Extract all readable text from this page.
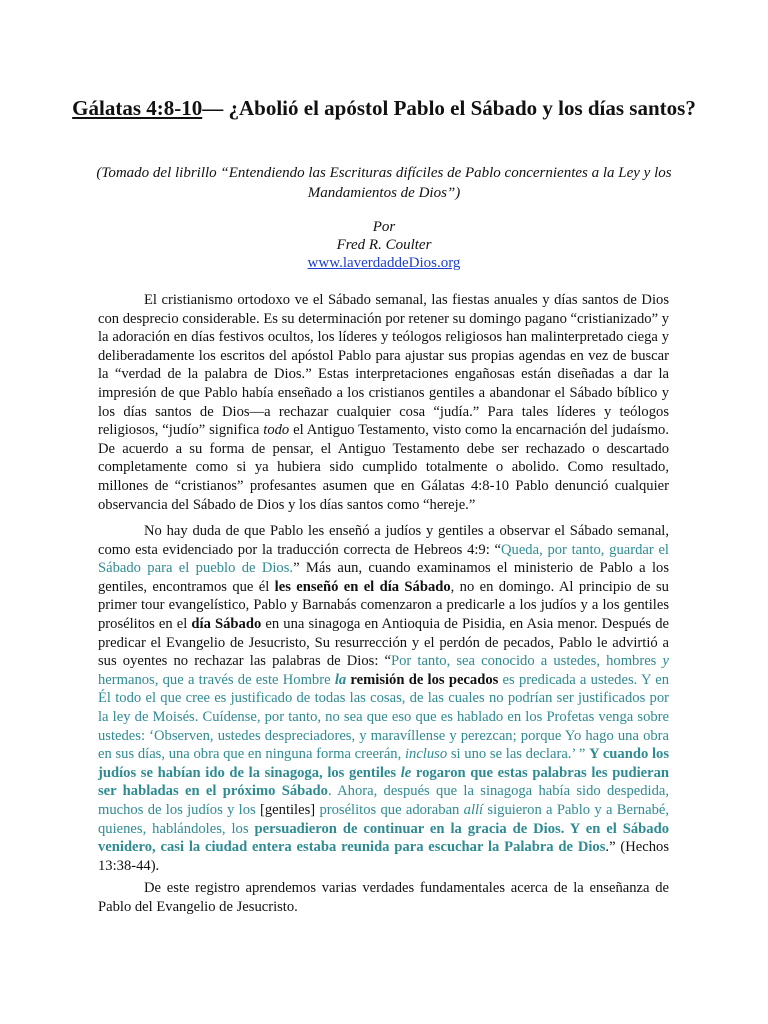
Gálatas 4:8-10— ¿Abolió el apóstol Pablo el Sábado y los días santos?

(Tomado del librillo “Entendiendo las Escrituras difíciles de Pablo concernientes a la Ley y los Mandamientos de Dios”)

Por
Fred R. Coulter
www.laverdaddeDios.org

El cristianismo ortodoxo ve el Sábado semanal, las fiestas anuales y días santos de Dios con desprecio considerable. Es su determinación por retener su domingo pagano “cristianizado” y la adoración en días festivos ocultos, los líderes y teólogos religiosos han malinterpretado ciega y deliberadamente los escritos del apóstol Pablo para ajustar sus propias agendas en vez de buscar la “verdad de la palabra de Dios.” Estas interpretaciones engañosas están diseñadas a dar la impresión de que Pablo había enseñado a los cristianos gentiles a abandonar el Sábado bíblico y los días santos de Dios—a rechazar cualquier cosa “judía.” Para tales líderes y teólogos religiosos, “judío” significa todo el Antiguo Testamento, visto como la encarnación del judaísmo. De acuerdo a su forma de pensar, el Antiguo Testamento debe ser rechazado o descartado completamente como si ya hubiera sido cumplido totalmente o abolido. Como resultado, millones de “cristianos” profesantes asumen que en Gálatas 4:8-10 Pablo denunció cualquier observancia del Sábado de Dios y los días santos como “hereje.”

No hay duda de que Pablo les enseñó a judíos y gentiles a observar el Sábado semanal, como esta evidenciado por la traducción correcta de Hebreos 4:9: “Queda, por tanto, guardar el Sábado para el pueblo de Dios.” Más aun, cuando examinamos el ministerio de Pablo a los gentiles, encontramos que él les enseñó en el día Sábado, no en domingo. Al principio de su primer tour evangelístico, Pablo y Barnabás comenzaron a predicarle a los judíos y a los gentiles prosélitos en el día Sábado en una sinagoga en Antioquia de Pisidia, en Asia menor. Después de predicar el Evangelio de Jesucristo, Su resurrección y el perdón de pecados, Pablo le advirtió a sus oyentes no rechazar las palabras de Dios: “Por tanto, sea conocido a ustedes, hombres y hermanos, que a través de este Hombre la remisión de los pecados es predicada a ustedes. Y en Él todo el que cree es justificado de todas las cosas, de las cuales no podrían ser justificados por la ley de Moisés. Cuídense, por tanto, no sea que eso que es hablado en los Profetas venga sobre ustedes: ‘Observen, ustedes despreciadores, y maravíllense y perezcan; porque Yo hago una obra en sus días, una obra que en ninguna forma creerán, incluso si uno se las declara.’ ” Y cuando los judíos se habían ido de la sinagoga, los gentiles le rogaron que estas palabras les pudieran ser habladas en el próximo Sábado. Ahora, después que la sinagoga había sido despedida, muchos de los judíos y los [gentiles] prosélitos que adoraban allí siguieron a Pablo y a Bernabé, quienes, hablándoles, los persuadieron de continuar en la gracia de Dios. Y en el Sábado venidero, casi la ciudad entera estaba reunida para escuchar la Palabra de Dios.” (Hechos 13:38-44).

De este registro aprendemos varias verdades fundamentales acerca de la enseñanza de Pablo del Evangelio de Jesucristo.
